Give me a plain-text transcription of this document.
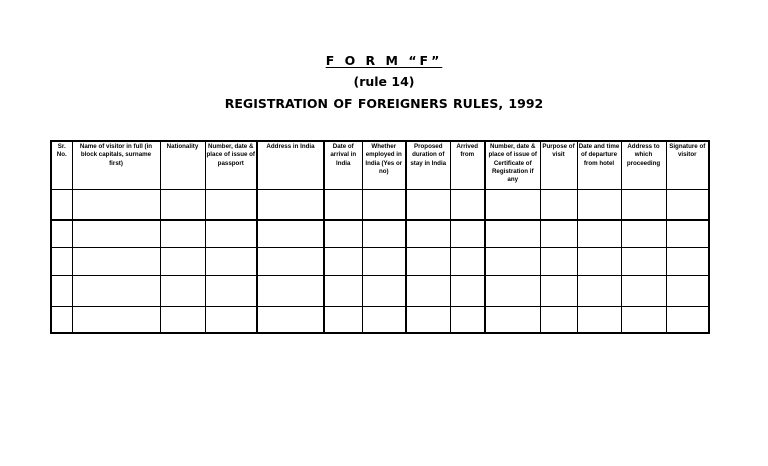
F O R M “F”
(rule 14)
REGISTRATION OF FOREIGNERS RULES, 1992
Sr. No.	Name of visitor in full (in block capitals, surname first)	Nationality	Number, date & place of issue of passport	Address in India	Date of arrival in India	Whether employed in India (Yes or no)	Proposed duration of stay in India	Arrived from	Number, date & place of issue of Certificate of Registration if any	Purpose of visit	Date and time of departure from hotel	Address to which proceeding	Signature of visitor
